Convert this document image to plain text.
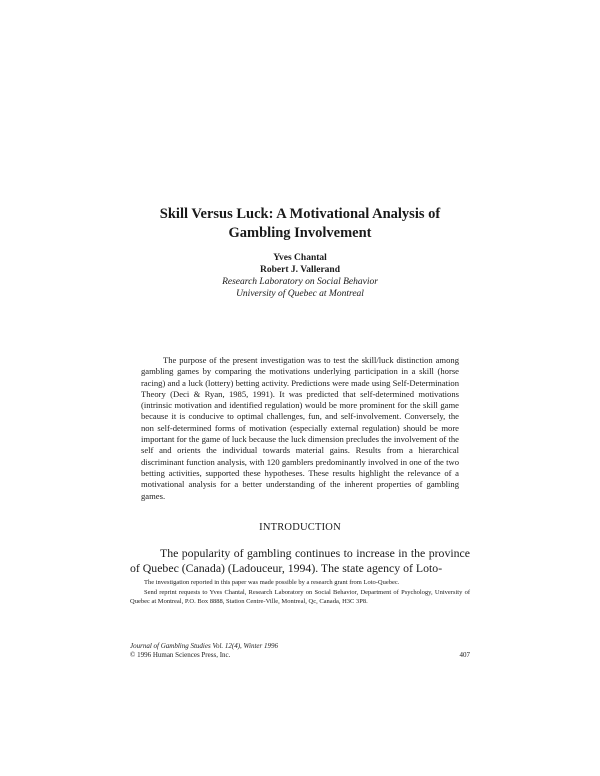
Skill Versus Luck: A Motivational Analysis of
Gambling Involvement
Yves Chantal
Robert J. Vallerand
Research Laboratory on Social Behavior
University of Quebec at Montreal

The purpose of the present investigation was to test the skill/luck distinction among gambling games by comparing the motivations underlying participation in a skill (horse racing) and a luck (lottery) betting activity. Predictions were made using Self-Determination Theory (Deci & Ryan, 1985, 1991). It was predicted that self-determined motivations (intrinsic motivation and identified regulation) would be more prominent for the skill game because it is conducive to optimal challenges, fun, and self-involvement. Conversely, the non self-determined forms of motivation (especially external regulation) should be more important for the game of luck because the luck dimension precludes the involvement of the self and orients the individual towards material gains. Results from a hierarchical discriminant function analysis, with 120 gamblers predominantly involved in one of the two betting activities, supported these hypotheses. These results highlight the relevance of a motivational analysis for a better understanding of the inherent properties of gambling games.

INTRODUCTION

The popularity of gambling continues to increase in the province of Quebec (Canada) (Ladouceur, 1994). The state agency of Loto-

The investigation reported in this paper was made possible by a research grant from Loto-Quebec.

Send reprint requests to Yves Chantal, Research Laboratory on Social Behavior, Department of Psychology, University of Quebec at Montreal, P.O. Box 8888, Station Centre-Ville, Montreal, Qc, Canada, H3C 3P8.

Journal of Gambling Studies Vol. 12(4), Winter 1996
© 1996 Human Sciences Press, Inc.	407
